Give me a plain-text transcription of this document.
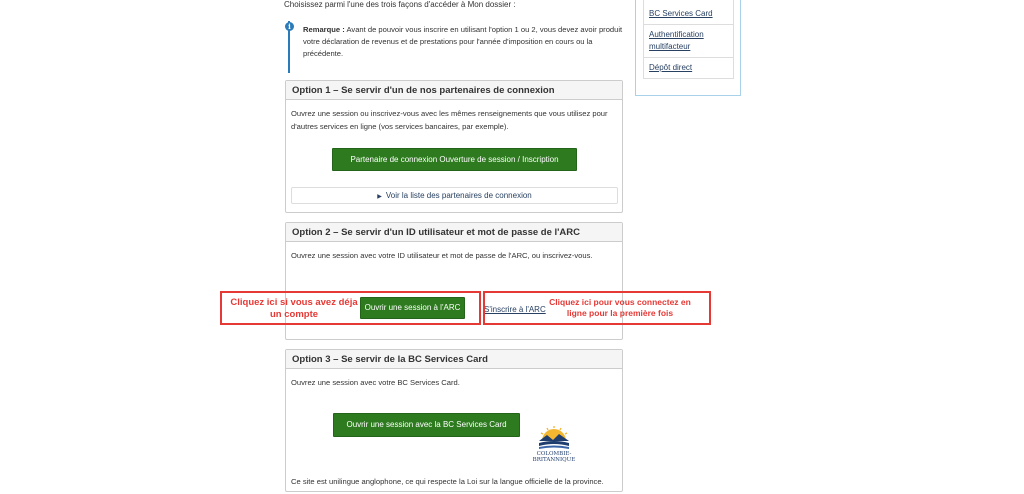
Choisissez parmi l'une des trois façons d'accéder à Mon dossier :
i	Remarque : Avant de pouvoir vous inscrire en utilisant l'option 1 ou 2, vous devez avoir produit votre déclaration de revenus et de prestations pour l'année d'imposition en cours ou la précédente.
BC Services Card
Authentification multifacteur
Dépôt direct
Option 1 – Se servir d'un de nos partenaires de connexion
Ouvrez une session ou inscrivez-vous avec les mêmes renseignements que vous utilisez pour d'autres services en ligne (vos services bancaires, par exemple).
Partenaire de connexion Ouverture de session / Inscription
▶ Voir la liste des partenaires de connexion
Option 2 – Se servir d'un ID utilisateur et mot de passe de l'ARC
Ouvrez une session avec votre ID utilisateur et mot de passe de l'ARC, ou inscrivez-vous.
Ouvrir une session à l'ARC	S'inscrire à l'ARC
Cliquez ici si vous avez déja un compte
Cliquez ici pour vous connectez en ligne pour la première fois
Option 3 – Se servir de la BC Services Card
Ouvrez une session avec votre BC Services Card.
Ouvrir une session avec la BC Services Card
COLOMBIE-
BRITANNIQUE
Ce site est unilingue anglophone, ce qui respecte la Loi sur la langue officielle de la province.
